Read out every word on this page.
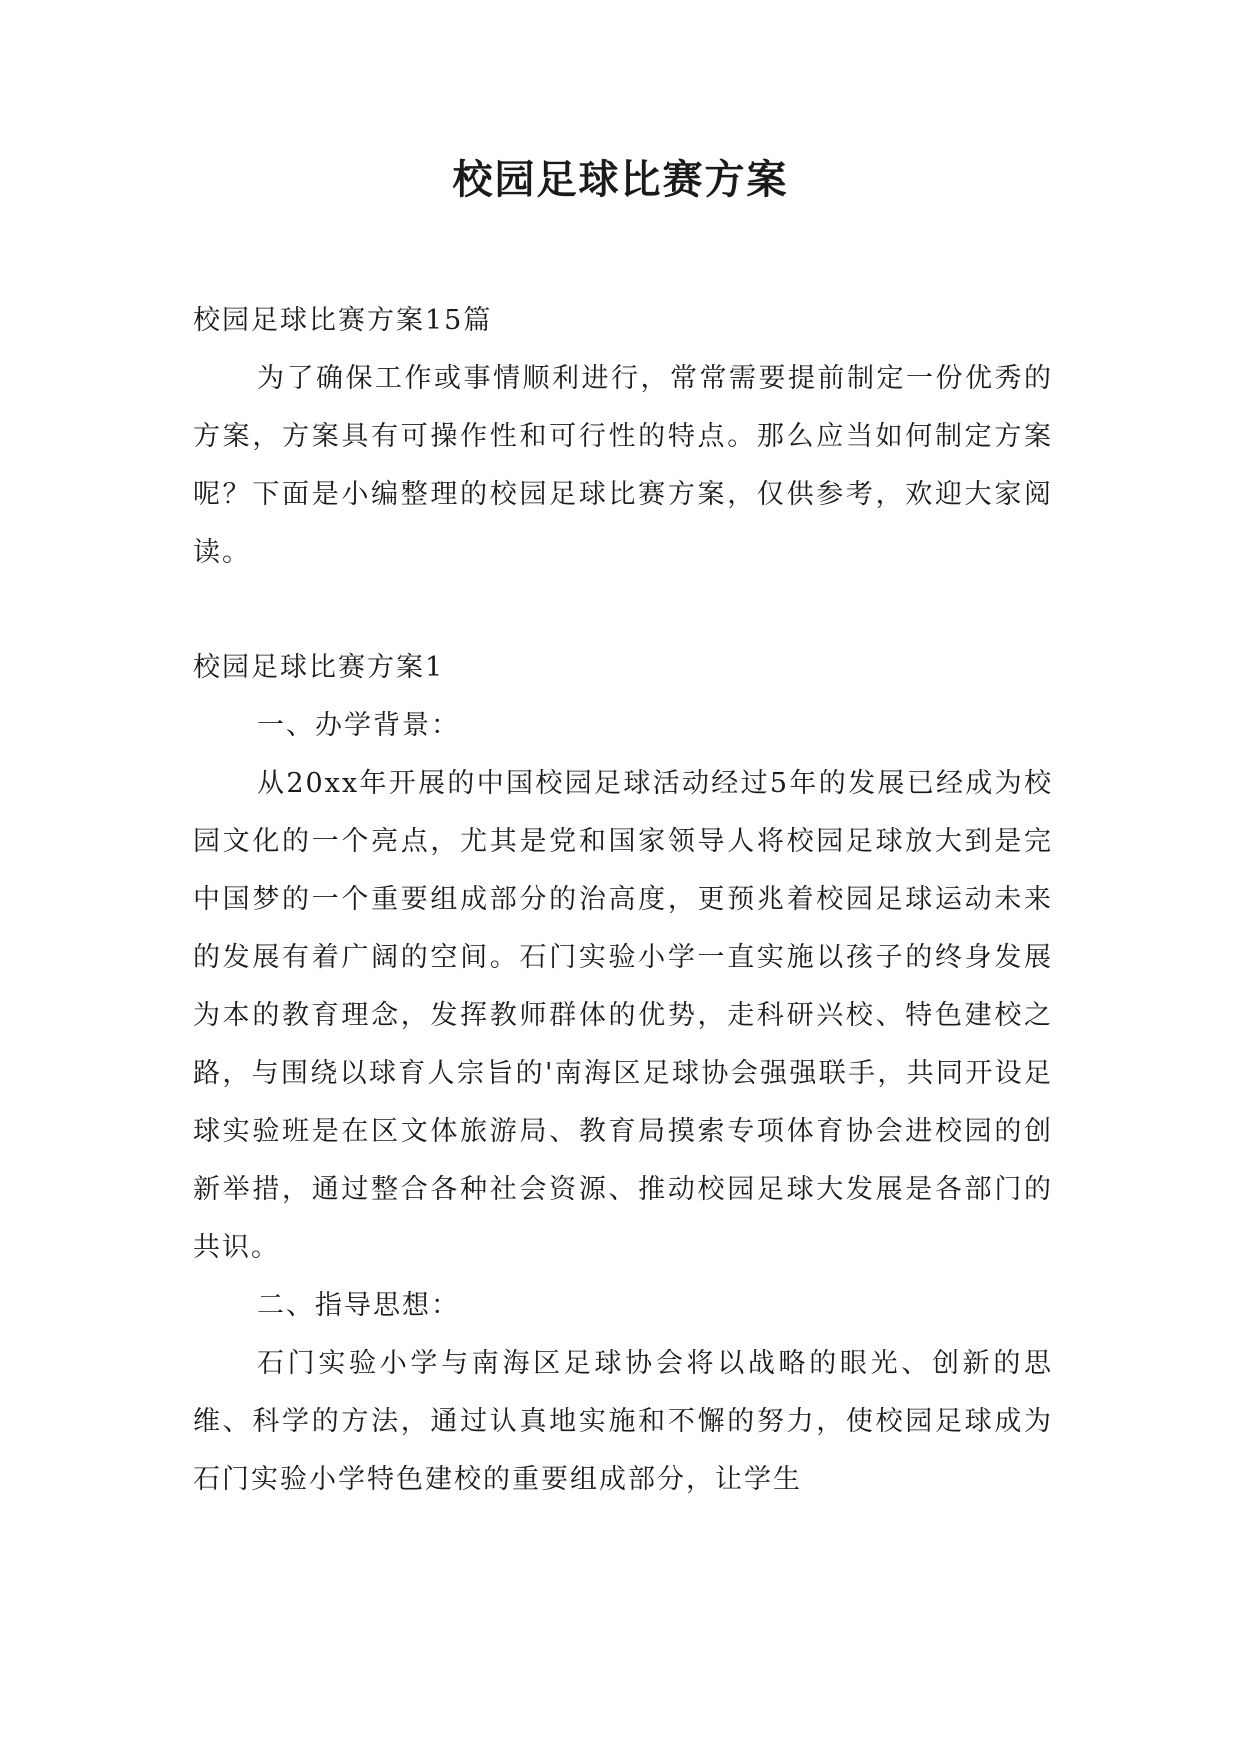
校园足球比赛方案

校园足球比赛方案15篇

为了确保工作或事情顺利进行，常常需要提前制定一份优秀的方案，方案具有可操作性和可行性的特点。那么应当如何制定方案呢？下面是小编整理的校园足球比赛方案，仅供参考，欢迎大家阅读。

校园足球比赛方案1

一、办学背景：

从20xx年开展的中国校园足球活动经过5年的发展已经成为校园文化的一个亮点，尤其是党和国家领导人将校园足球放大到是完中国梦的一个重要组成部分的治高度，更预兆着校园足球运动未来的发展有着广阔的空间。石门实验小学一直实施以孩子的终身发展为本的教育理念，发挥教师群体的优势，走科研兴校、特色建校之路，与围绕以球育人宗旨的'南海区足球协会强强联手，共同开设足球实验班是在区文体旅游局、教育局摸索专项体育协会进校园的创新举措，通过整合各种社会资源、推动校园足球大发展是各部门的共识。

二、指导思想：

石门实验小学与南海区足球协会将以战略的眼光、创新的思维、科学的方法，通过认真地实施和不懈的努力，使校园足球成为石门实验小学特色建校的重要组成部分，让学生
